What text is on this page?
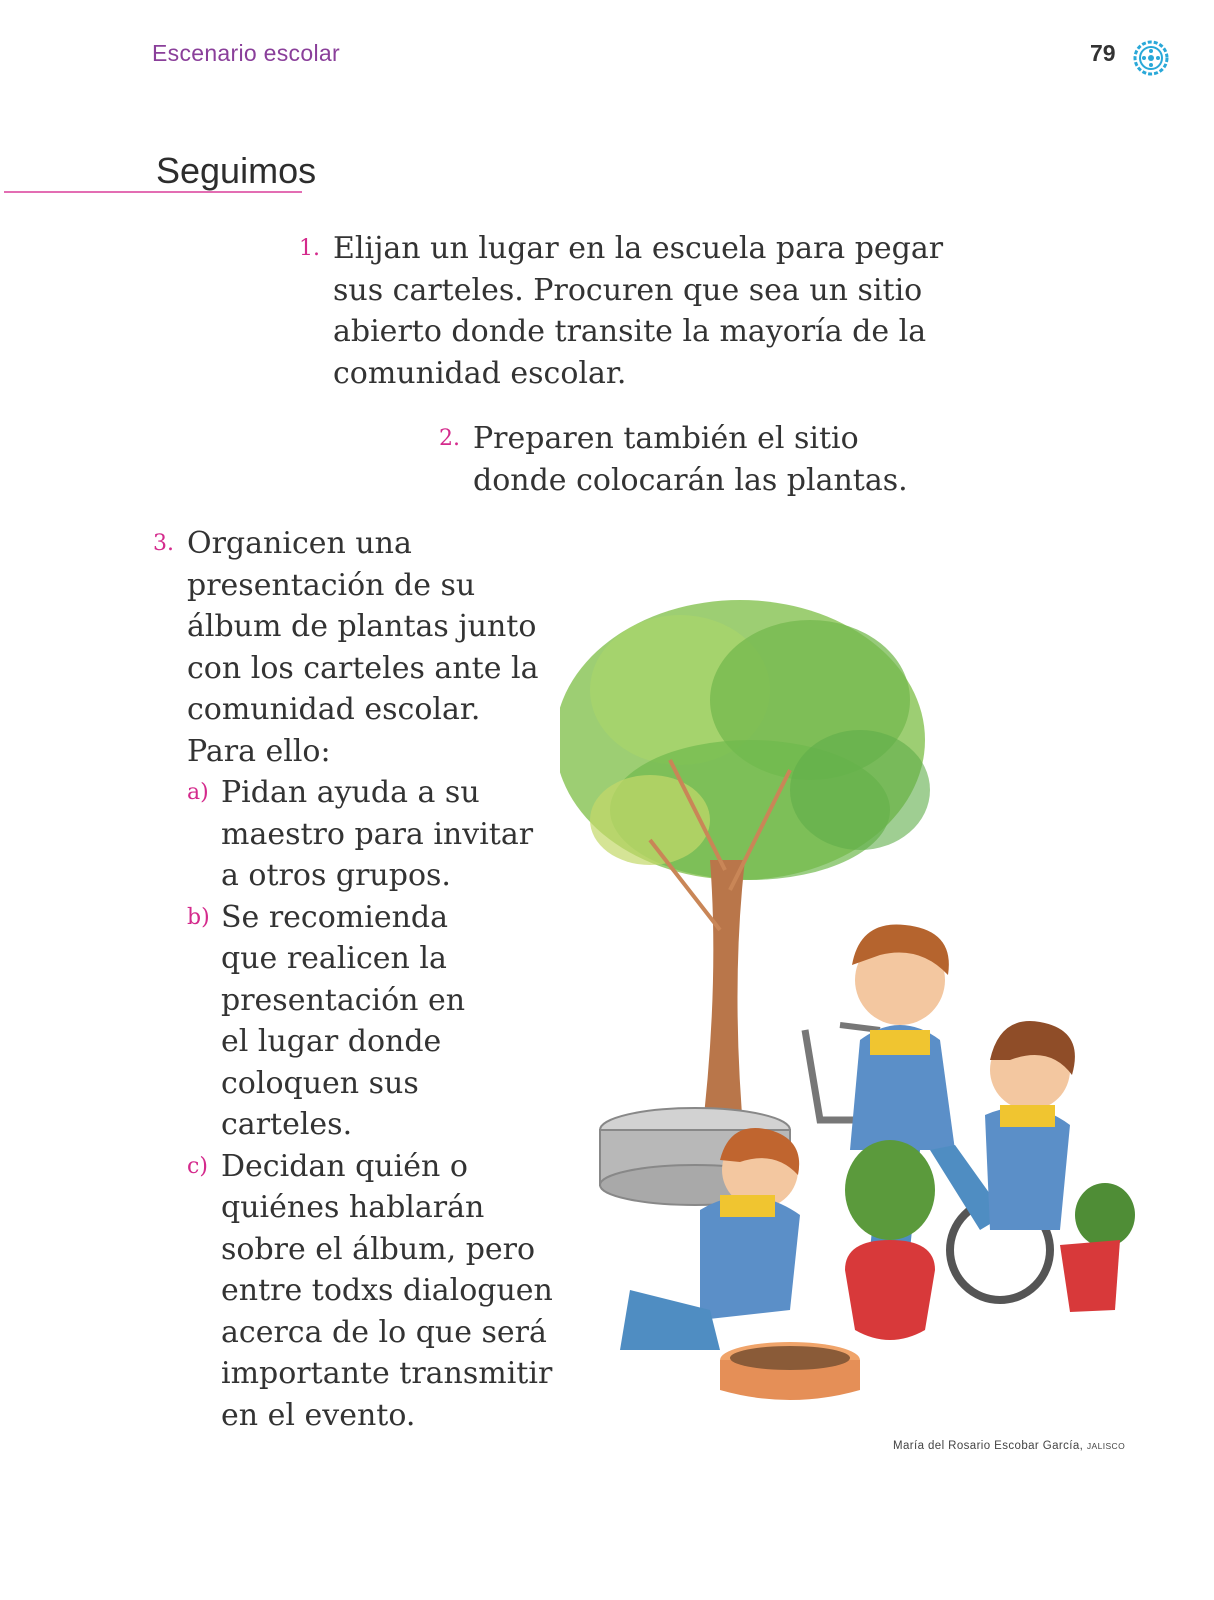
Escenario escolar	79
Seguimos
1. Elijan un lugar en la escuela para pegar sus carteles. Procuren que sea un sitio abierto donde transite la mayoría de la comunidad escolar.
2. Preparen también el sitio donde colocarán las plantas.
3. Organicen una presentación de su álbum de plantas junto con los carteles ante la comunidad escolar. Para ello:
a) Pidan ayuda a su maestro para invitar a otros grupos.
b) Se recomienda que realicen la presentación en el lugar donde coloquen sus carteles.
c) Decidan quién o quiénes hablarán sobre el álbum, pero entre todxs dialoguen acerca de lo que será importante transmitir en el evento.
María del Rosario Escobar García, JALISCO
